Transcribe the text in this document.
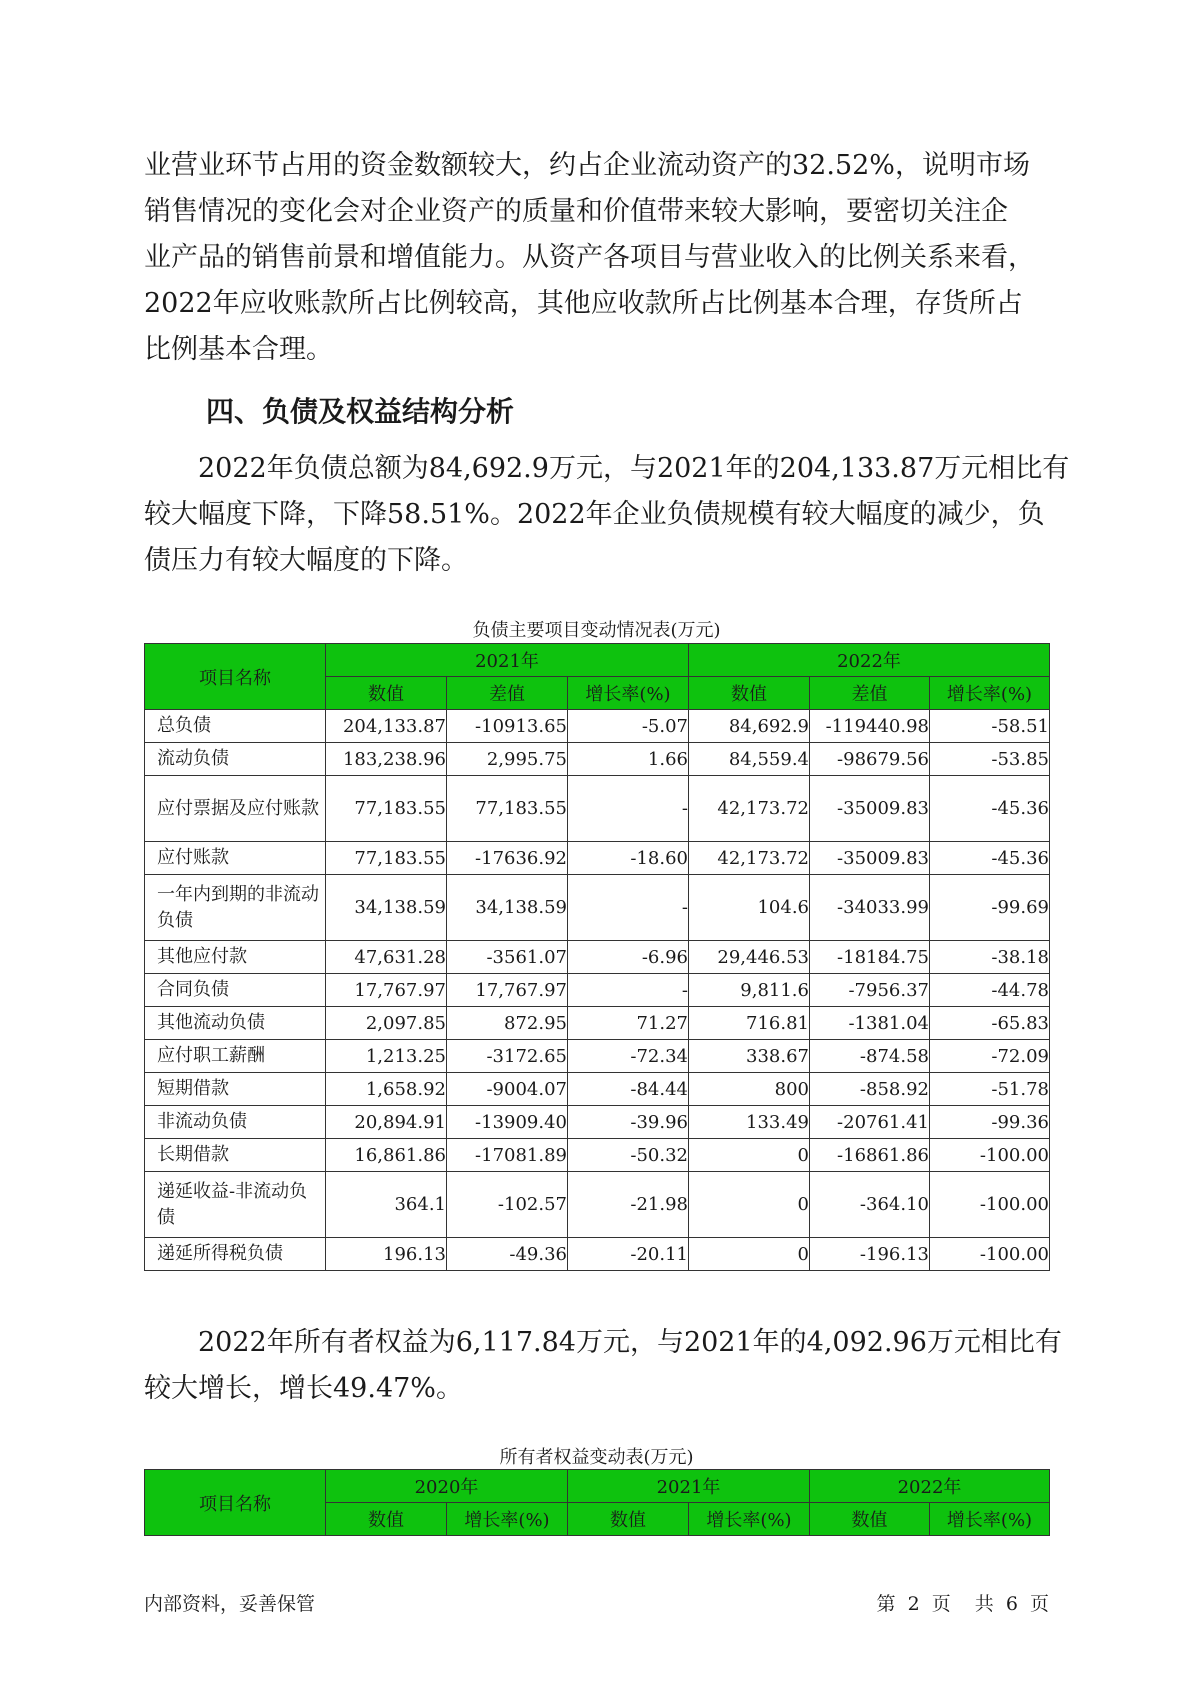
业营业环节占用的资金数额较大，约占企业流动资产的32.52%，说明市场
销售情况的变化会对企业资产的质量和价值带来较大影响，要密切关注企
业产品的销售前景和增值能力。从资产各项目与营业收入的比例关系来看，
2022年应收账款所占比例较高，其他应收款所占比例基本合理，存货所占
比例基本合理。

四、负债及权益结构分析

2022年负债总额为84,692.9万元，与2021年的204,133.87万元相比有
较大幅度下降，下降58.51%。2022年企业负债规模有较大幅度的减少，负
债压力有较大幅度的下降。

负债主要项目变动情况表(万元)
项目名称	2021年			2022年		
	数值	差值	增长率(%)	数值	差值	增长率(%)
总负债	204,133.87	-10913.65	-5.07	84,692.9	-119440.98	-58.51
流动负债	183,238.96	2,995.75	1.66	84,559.4	-98679.56	-53.85
应付票据及应付账款	77,183.55	77,183.55	-	42,173.72	-35009.83	-45.36
应付账款	77,183.55	-17636.92	-18.60	42,173.72	-35009.83	-45.36
一年内到期的非流动负债	34,138.59	34,138.59	-	104.6	-34033.99	-99.69
其他应付款	47,631.28	-3561.07	-6.96	29,446.53	-18184.75	-38.18
合同负债	17,767.97	17,767.97	-	9,811.6	-7956.37	-44.78
其他流动负债	2,097.85	872.95	71.27	716.81	-1381.04	-65.83
应付职工薪酬	1,213.25	-3172.65	-72.34	338.67	-874.58	-72.09
短期借款	1,658.92	-9004.07	-84.44	800	-858.92	-51.78
非流动负债	20,894.91	-13909.40	-39.96	133.49	-20761.41	-99.36
长期借款	16,861.86	-17081.89	-50.32	0	-16861.86	-100.00
递延收益-非流动负债	364.1	-102.57	-21.98	0	-364.10	-100.00
递延所得税负债	196.13	-49.36	-20.11	0	-196.13	-100.00

2022年所有者权益为6,117.84万元，与2021年的4,092.96万元相比有
较大增长，增长49.47%。

所有者权益变动表(万元)
项目名称	2020年		2021年		2022年	
	数值	增长率(%)	数值	增长率(%)	数值	增长率(%)
内部资料，妥善保管	第 2 页 共 6 页
